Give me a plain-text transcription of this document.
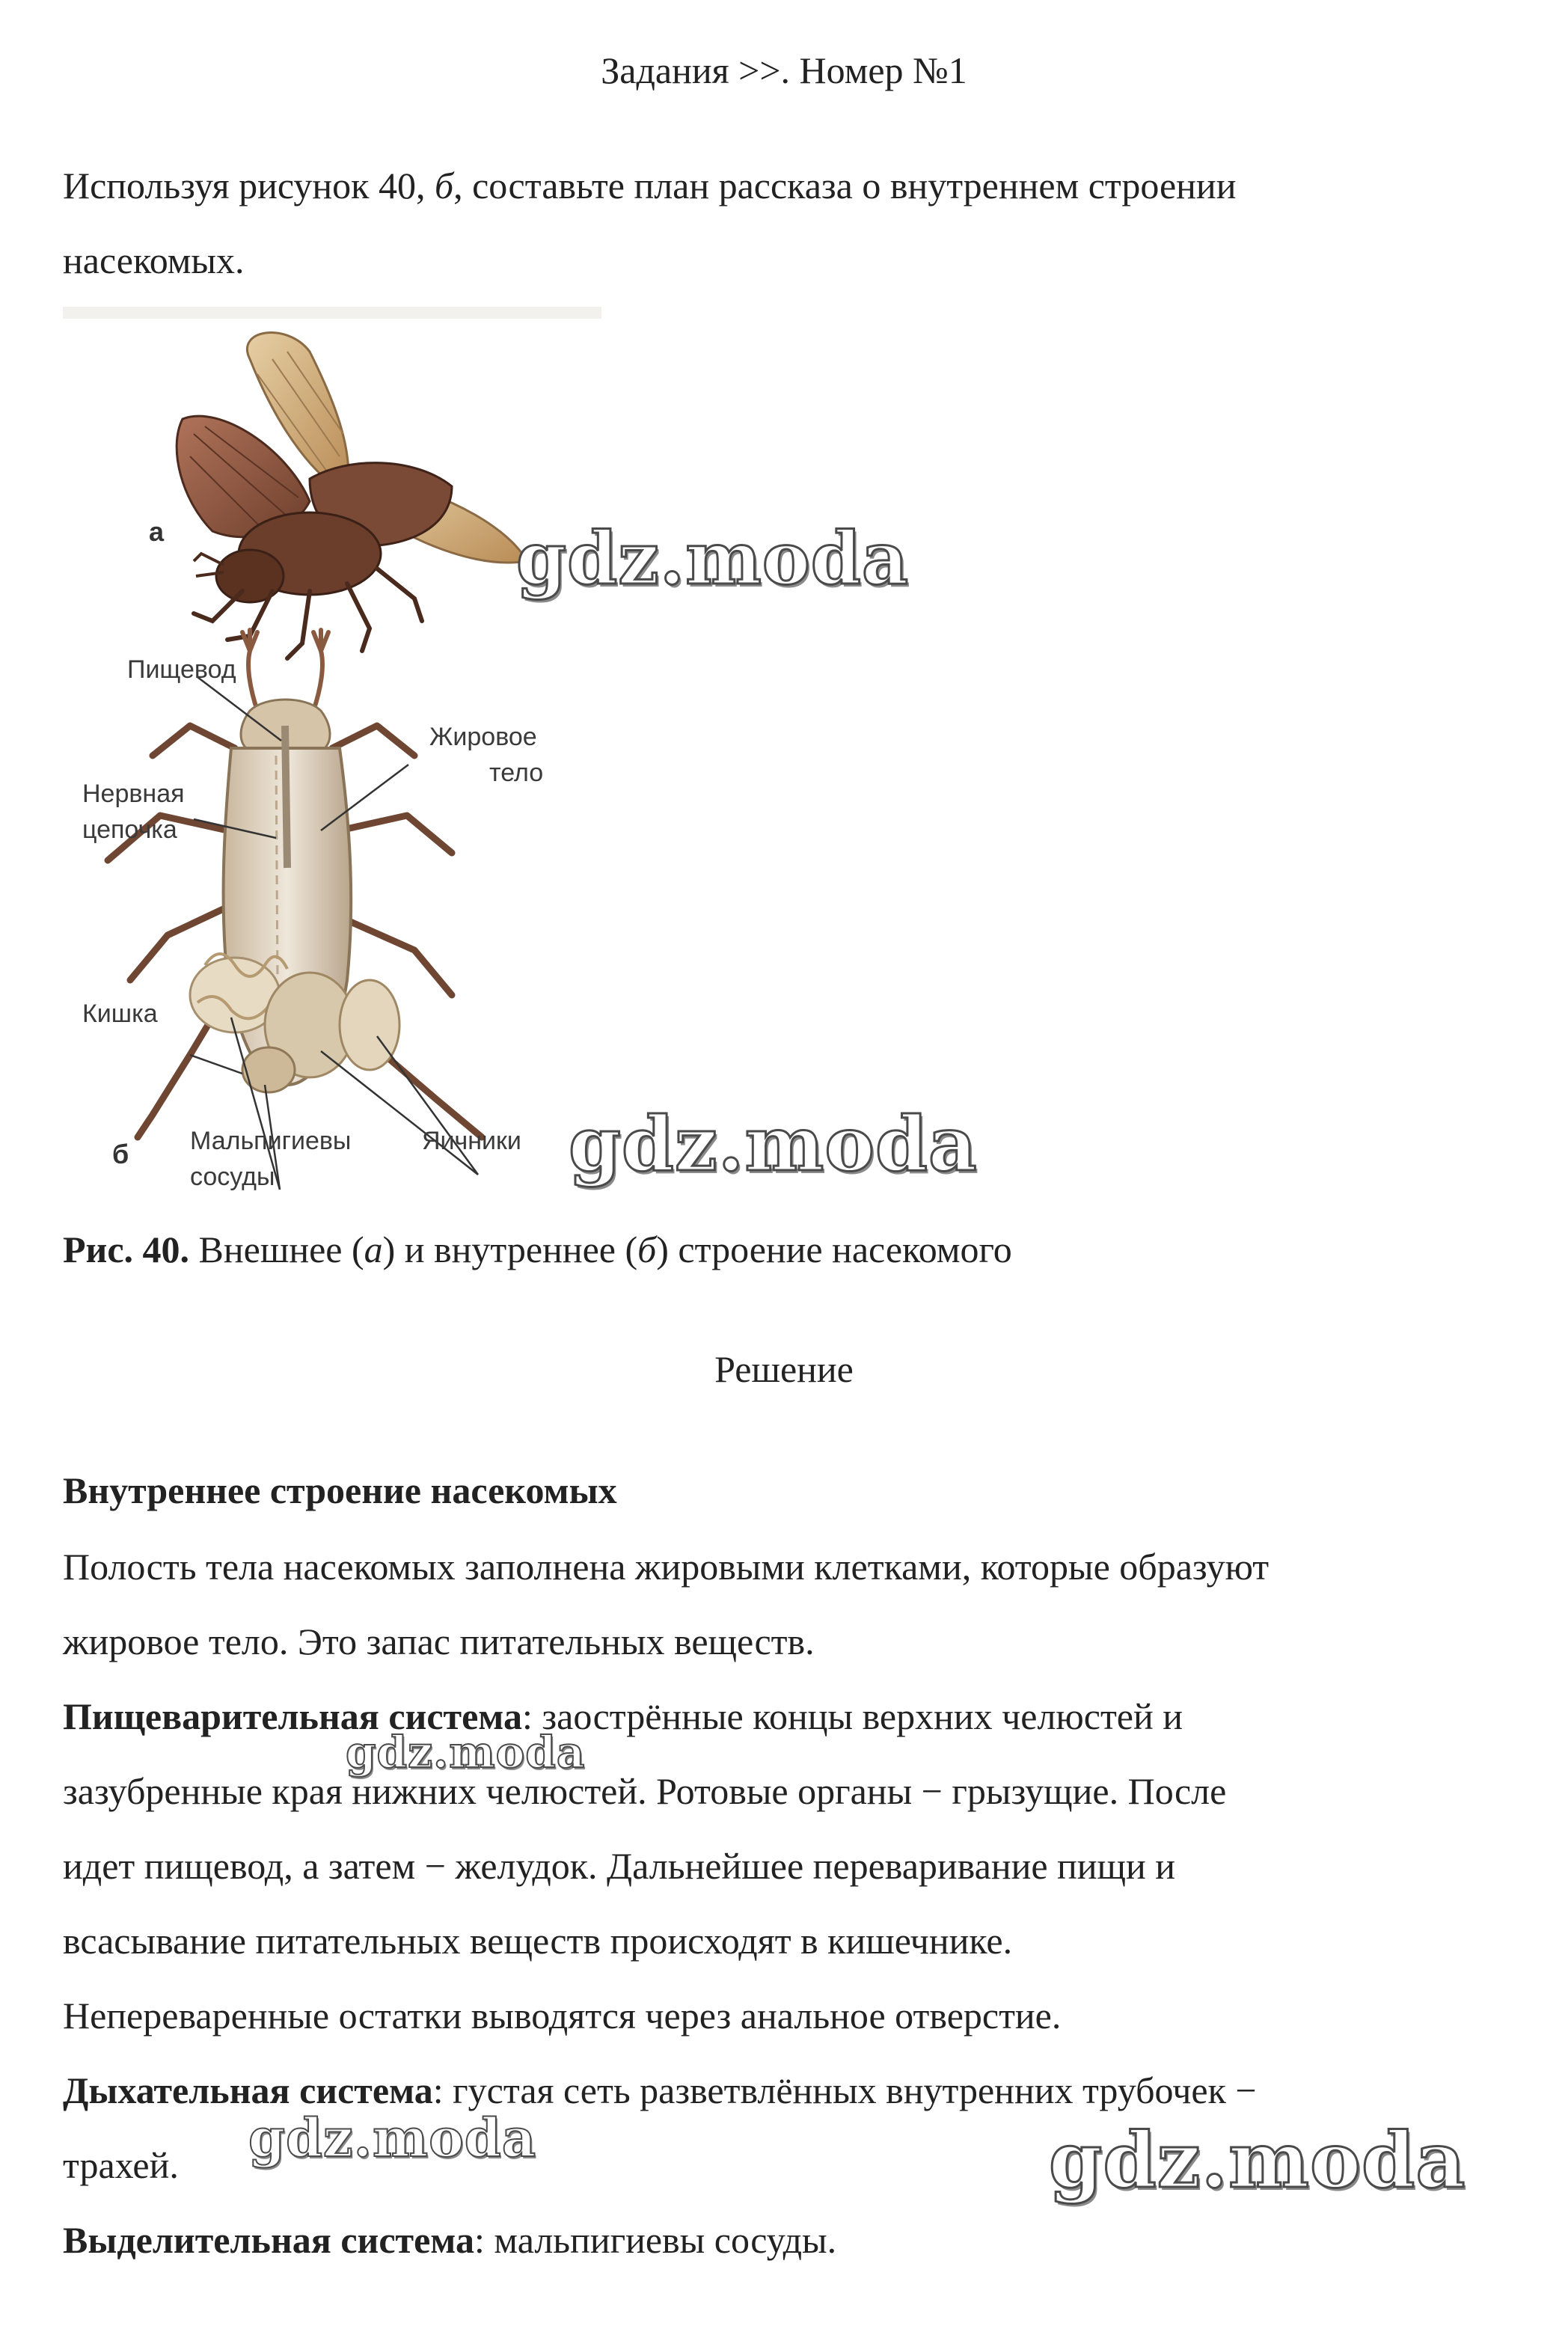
Задания >>. Номер №1
Используя рисунок 40, б, составьте план рассказа о внутреннем строении
насекомых.
а
б
Пищевод
Жировое
тело
Нервная
цепочка
Кишка
Мальпигиевы
сосуды
Яичники
Рис. 40. Внешнее (а) и внутреннее (б) строение насекомого
Решение
Внутреннее строение насекомых
Полость тела насекомых заполнена жировыми клетками, которые образуют
жировое тело. Это запас питательных веществ.
Пищеварительная система: заострённые концы верхних челюстей и
зазубренные края нижних челюстей. Ротовые органы − грызущие. После
идет пищевод, а затем − желудок. Дальнейшее переваривание пищи и
всасывание питательных веществ происходят в кишечнике.
Непереваренные остатки выводятся через анальное отверстие.
Дыхательная система: густая сеть разветвлённых внутренних трубочек −
трахей.
Выделительная система: мальпигиевы сосуды.
gdz.moda
gdz.moda
gdz.moda
gdz.moda	gdz.moda
